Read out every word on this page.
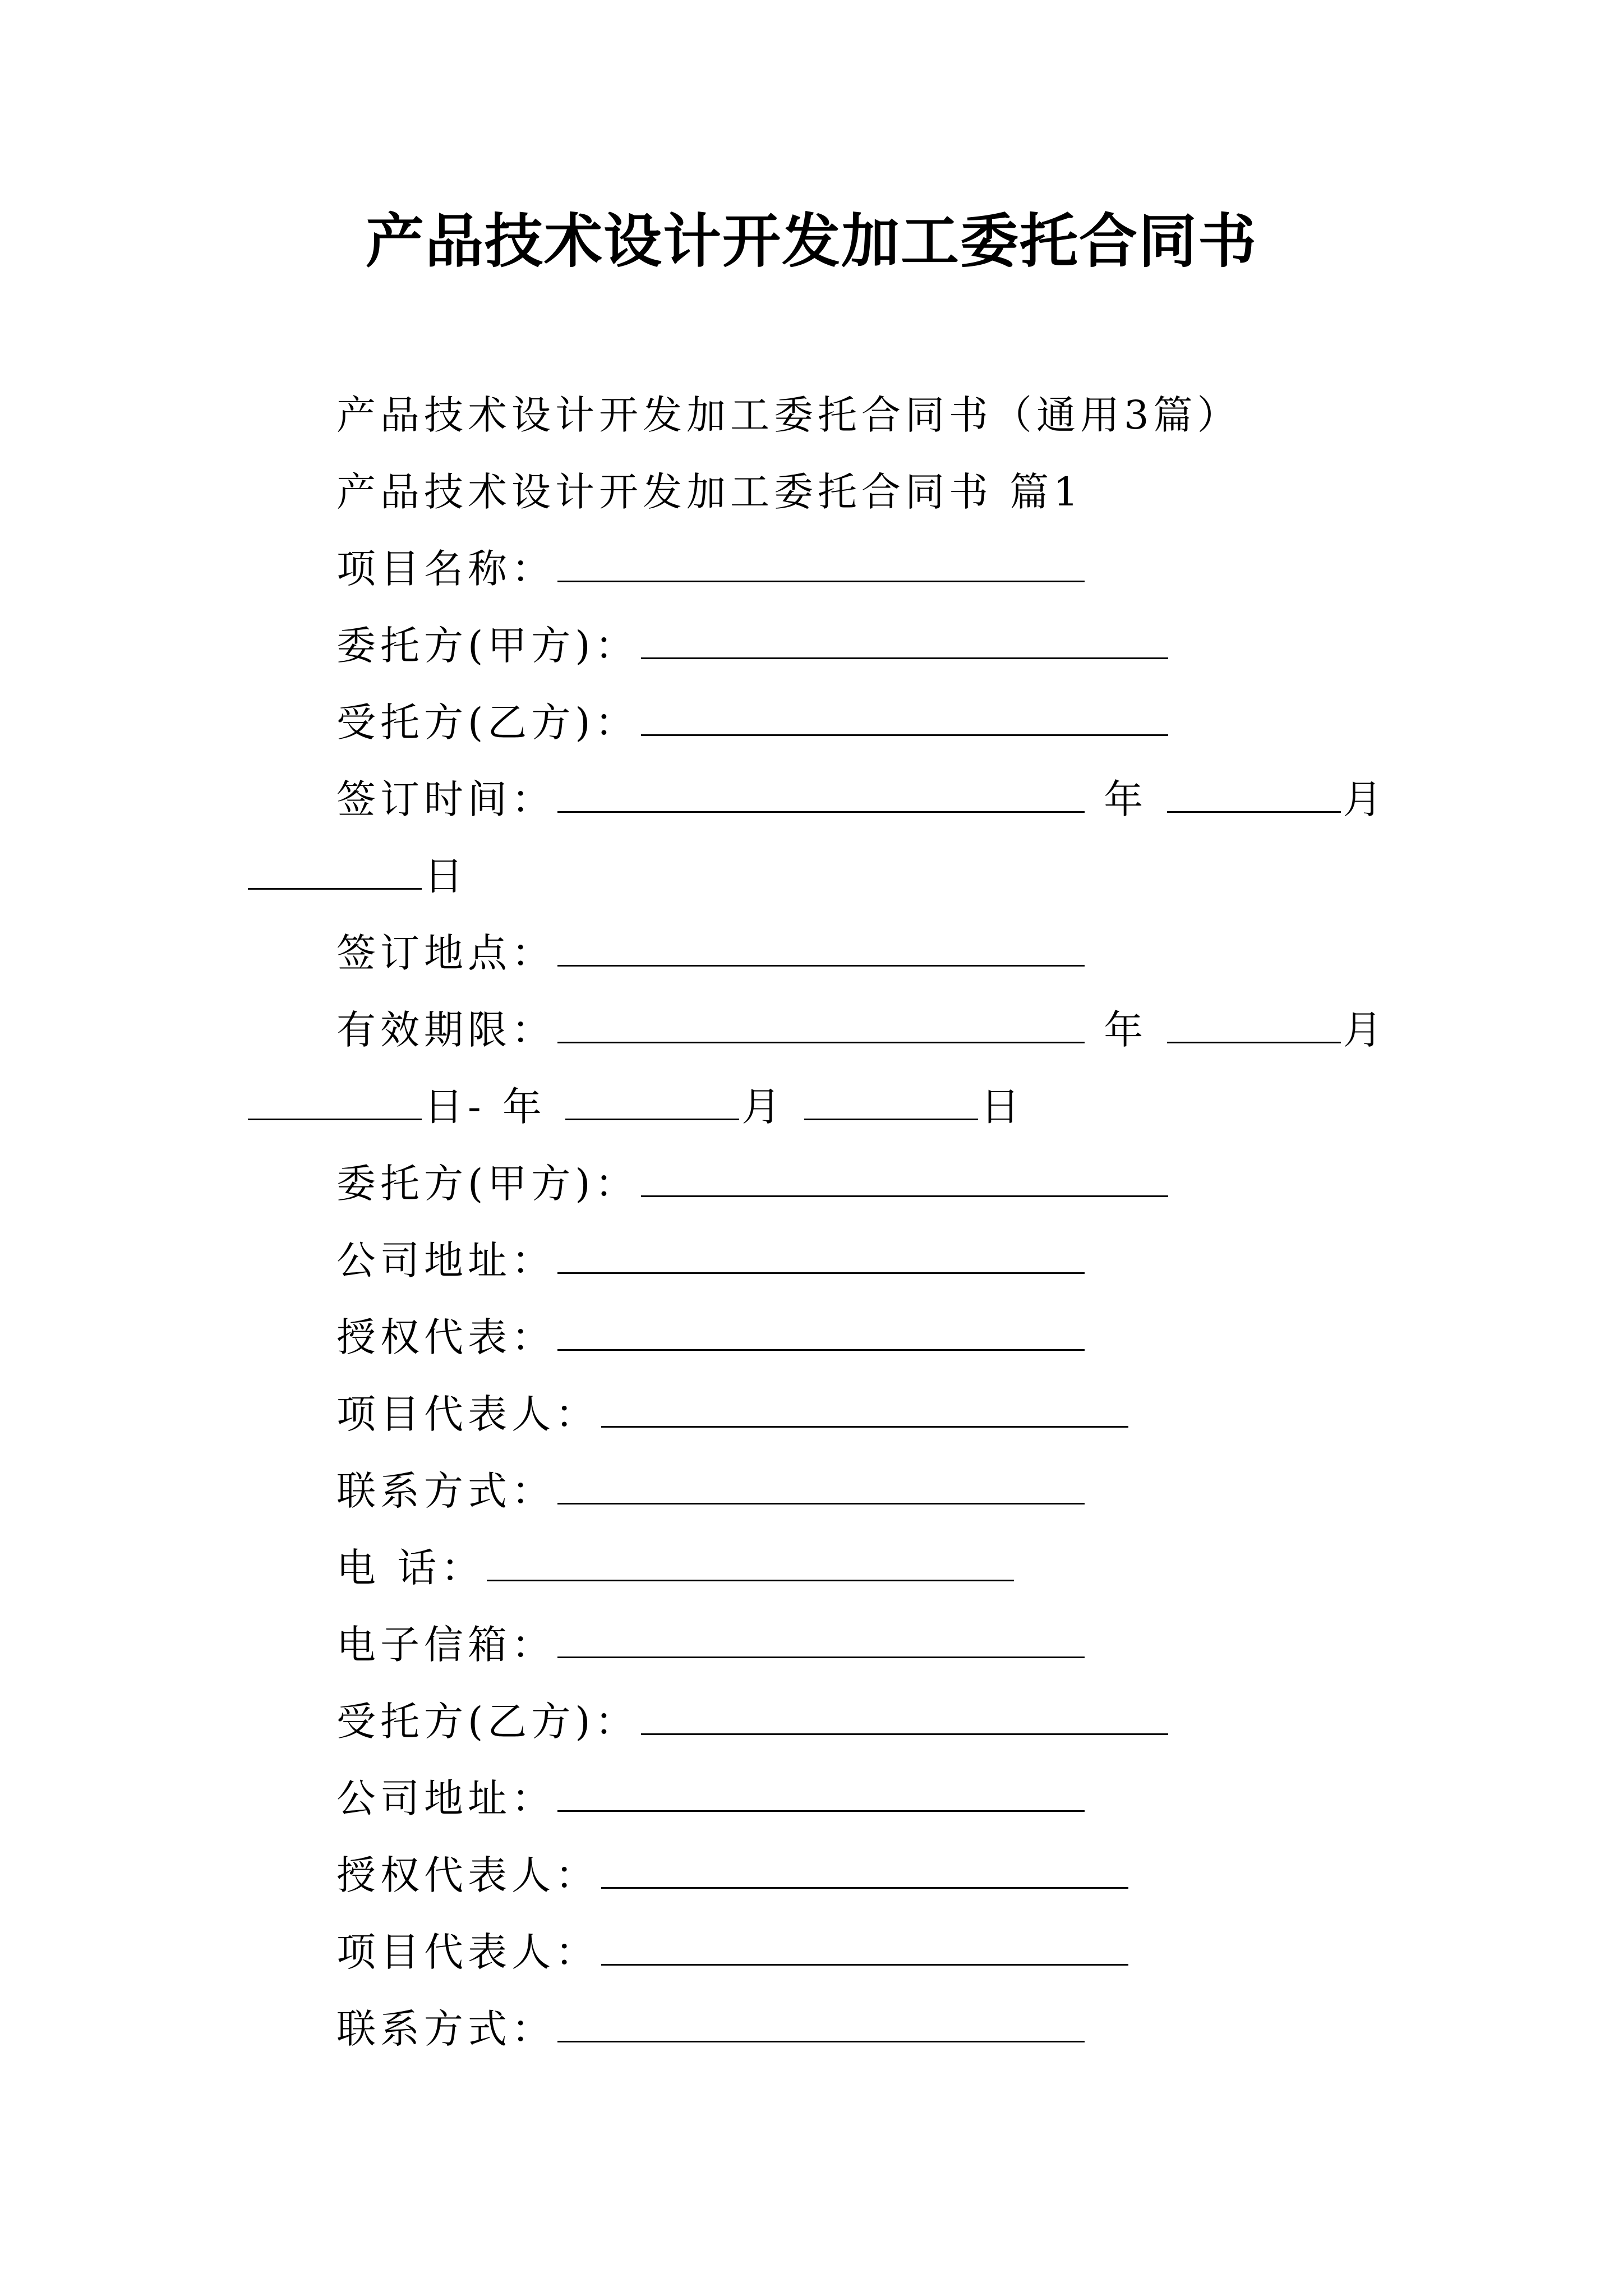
产品技术设计开发加工委托合同书
产品技术设计开发加工委托合同书（通用3篇）
产品技术设计开发加工委托合同书 篇1
项目名称：
委托方(甲方)：
受托方(乙方)：
签订时间：	年	月
日
签订地点：
有效期限：	年	月
日- 年	月	日
委托方(甲方)：
公司地址：
授权代表：
项目代表人：
联系方式：
电 话：
电子信箱：
受托方(乙方)：
公司地址：
授权代表人：
项目代表人：
联系方式：
